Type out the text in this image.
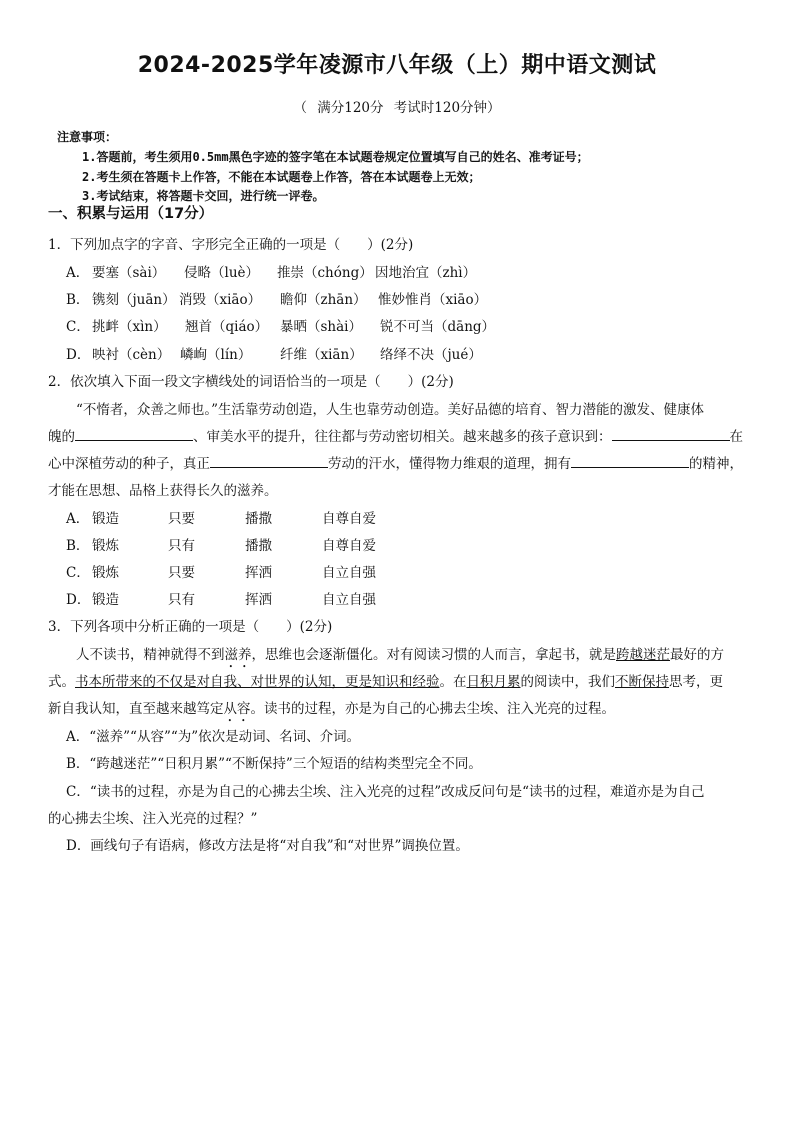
2024-2025学年凌源市八年级（上）期中语文测试
（ 满分120分 考试时120分钟）
注意事项：
1.答题前，考生须用0.5mm黑色字迹的签字笔在本试题卷规定位置填写自己的姓名、准考证号；
2.考生须在答题卡上作答，不能在本试题卷上作答，答在本试题卷上无效；
3.考试结束，将答题卡交回，进行统一评卷。
一、积累与运用（17分）
1．下列加点字的字音、字形完全正确的一项是（　　）(2分)
A． 要塞（sài） 侵略（luè） 推崇（chóng） 因地治宜（zhì）
B． 镌刻（juān） 消毁（xiāo） 瞻仰（zhān） 惟妙惟肖（xiāo）
C． 挑衅（xìn） 翘首（qiáo） 暴晒（shài） 锐不可当（dāng）
D． 映衬（cèn） 嶙峋（lín） 纤维（xiān） 络绎不决（jué）
2．依次填入下面一段文字横线处的词语恰当的一项是（　　）(2分)
“不惰者，众善之师也。”生活靠劳动创造，人生也靠劳动创造。美好品德的培育、智力潜能的激发、健康体
魄的	、审美水平的提升，往往都与劳动密切相关。越来越多的孩子意识到：	在
心中深植劳动的种子，真正	劳动的汗水，懂得物力维艰的道理，拥有	的精神，
才能在思想、品格上获得长久的滋养。
A． 锻造	只要	播撒	自尊自爱
B． 锻炼	只有	播撒	自尊自爱
C． 锻炼	只要	挥洒	自立自强
D． 锻造	只有	挥洒	自立自强
3．下列各项中分析正确的一项是（　　）(2分)
人不读书，精神就得不到滋养，思维也会逐渐僵化。对有阅读习惯的人而言，拿起书，就是跨越迷茫最好的方
式。书本所带来的不仅是对自我、对世界的认知，更是知识和经验。在日积月累的阅读中，我们不断保持思考，更
新自我认知，直至越来越笃定从容。读书的过程，亦是为自己的心拂去尘埃、注入光亮的过程。
A．“滋养”“从容”“为”依次是动词、名词、介词。
B．“跨越迷茫”“日积月累”“不断保持”三个短语的结构类型完全不同。
C．“读书的过程，亦是为自己的心拂去尘埃、注入光亮的过程”改成反问句是“读书的过程，难道亦是为自己
的心拂去尘埃、注入光亮的过程？”
D．画线句子有语病，修改方法是将“对自我”和“对世界”调换位置。
